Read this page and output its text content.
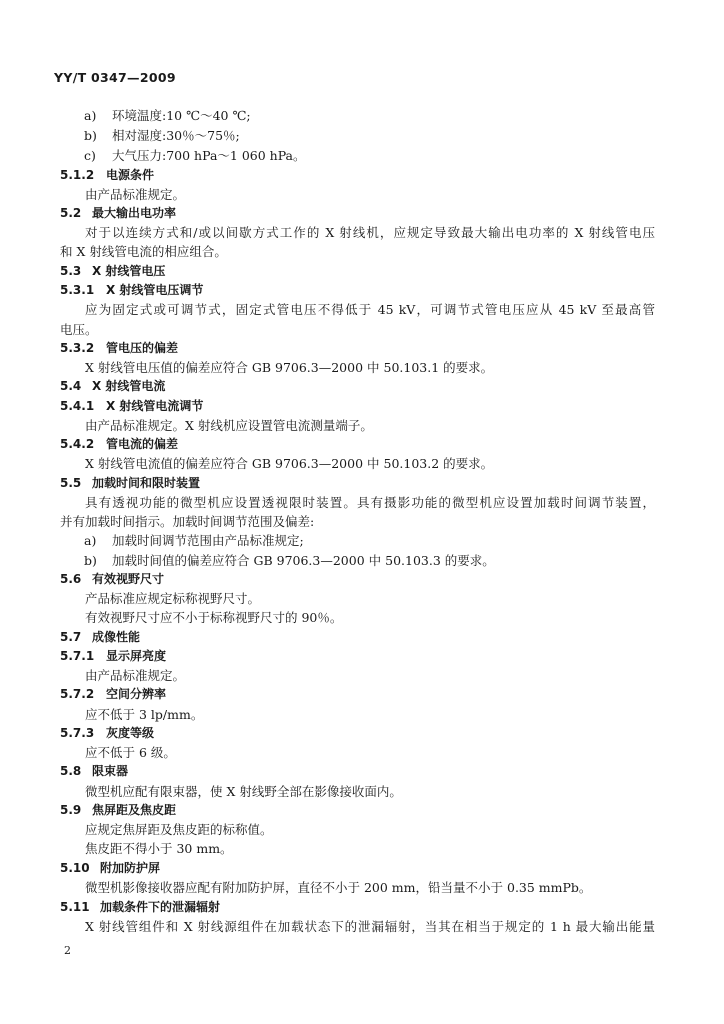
YY/T 0347—2009
a) 环境温度:10 ℃～40 ℃;
b) 相对湿度:30％～75％;
c) 大气压力:700 hPa～1 060 hPa。
5.1.2 电源条件
由产品标准规定。
5.2 最大输出电功率
对于以连续方式和/或以间歇方式工作的 X 射线机，应规定导致最大输出电功率的 X 射线管电压
和 X 射线管电流的相应组合。
5.3 X 射线管电压
5.3.1 X 射线管电压调节
应为固定式或可调节式，固定式管电压不得低于 45 kV，可调节式管电压应从 45 kV 至最高管
电压。
5.3.2 管电压的偏差
X 射线管电压值的偏差应符合 GB 9706.3—2000 中 50.103.1 的要求。
5.4 X 射线管电流
5.4.1 X 射线管电流调节
由产品标准规定。X 射线机应设置管电流测量端子。
5.4.2 管电流的偏差
X 射线管电流值的偏差应符合 GB 9706.3—2000 中 50.103.2 的要求。
5.5 加载时间和限时装置
具有透视功能的微型机应设置透视限时装置。具有摄影功能的微型机应设置加载时间调节装置，
并有加载时间指示。加载时间调节范围及偏差:
a) 加载时间调节范围由产品标准规定;
b) 加载时间值的偏差应符合 GB 9706.3—2000 中 50.103.3 的要求。
5.6 有效视野尺寸
产品标准应规定标称视野尺寸。
有效视野尺寸应不小于标称视野尺寸的 90％。
5.7 成像性能
5.7.1 显示屏亮度
由产品标准规定。
5.7.2 空间分辨率
应不低于 3 lp/mm。
5.7.3 灰度等级
应不低于 6 级。
5.8 限束器
微型机应配有限束器，使 X 射线野全部在影像接收面内。
5.9 焦屏距及焦皮距
应规定焦屏距及焦皮距的标称值。
焦皮距不得小于 30 mm。
5.10 附加防护屏
微型机影像接收器应配有附加防护屏，直径不小于 200 mm，铅当量不小于 0.35 mmPb。
5.11 加载条件下的泄漏辐射
X 射线管组件和 X 射线源组件在加载状态下的泄漏辐射，当其在相当于规定的 1 h 最大输出能量
2
